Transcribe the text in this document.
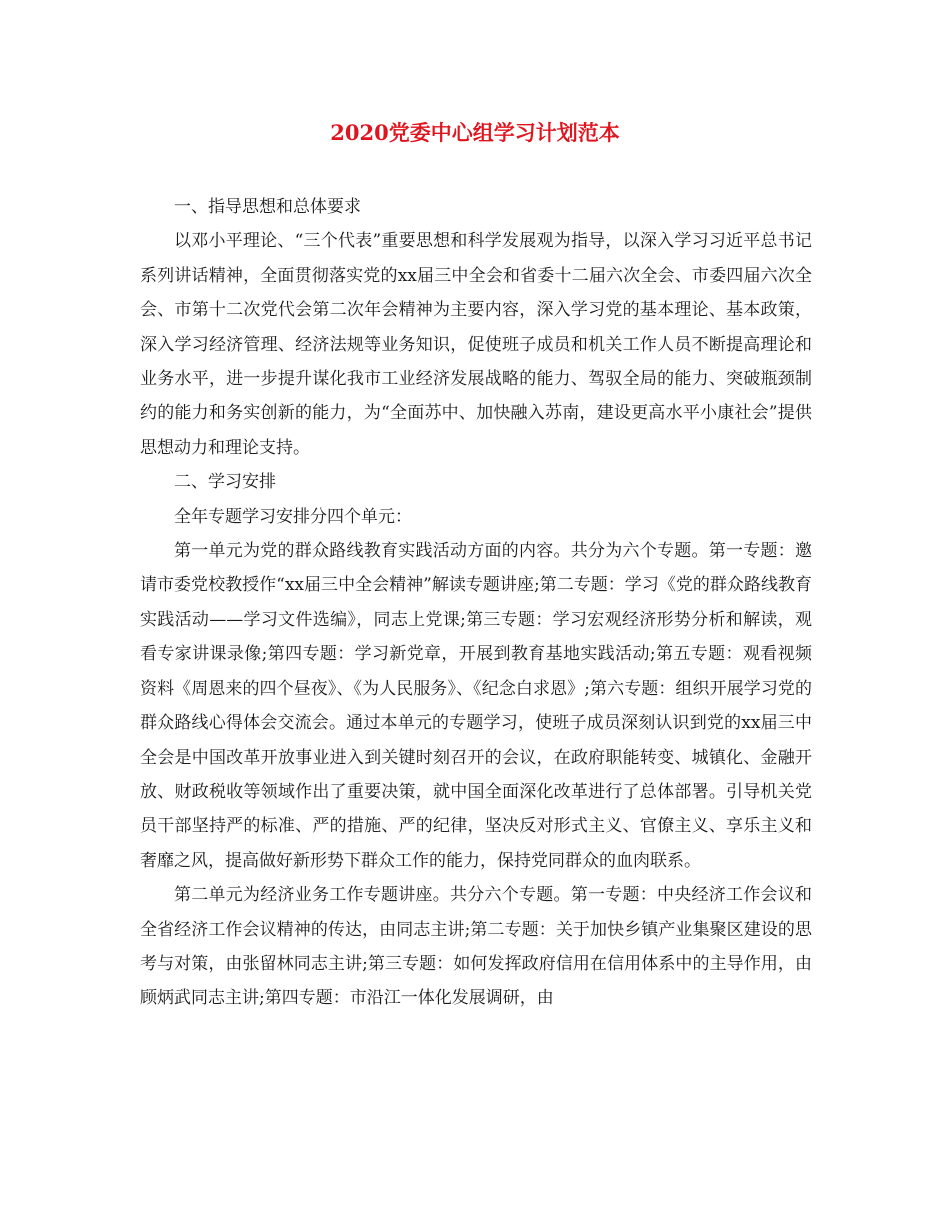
2020党委中心组学习计划范本

一、指导思想和总体要求

以邓小平理论、“三个代表”重要思想和科学发展观为指导，以深入学习习近平总书记系列讲话精神，全面贯彻落实党的xx届三中全会和省委十二届六次全会、市委四届六次全会、市第十二次党代会第二次年会精神为主要内容，深入学习党的基本理论、基本政策，深入学习经济管理、经济法规等业务知识，促使班子成员和机关工作人员不断提高理论和业务水平，进一步提升谋化我市工业经济发展战略的能力、驾驭全局的能力、突破瓶颈制约的能力和务实创新的能力，为“全面苏中、加快融入苏南，建设更高水平小康社会”提供思想动力和理论支持。

二、学习安排

全年专题学习安排分四个单元：

第一单元为党的群众路线教育实践活动方面的内容。共分为六个专题。第一专题：邀请市委党校教授作“xx届三中全会精神”解读专题讲座;第二专题：学习《党的群众路线教育实践活动——学习文件选编》，同志上党课;第三专题：学习宏观经济形势分析和解读，观看专家讲课录像;第四专题：学习新党章，开展到教育基地实践活动;第五专题：观看视频资料《周恩来的四个昼夜》、《为人民服务》、《纪念白求恩》;第六专题：组织开展学习党的群众路线心得体会交流会。通过本单元的专题学习，使班子成员深刻认识到党的xx届三中全会是中国改革开放事业进入到关键时刻召开的会议，在政府职能转变、城镇化、金融开放、财政税收等领域作出了重要决策，就中国全面深化改革进行了总体部署。引导机关党员干部坚持严的标准、严的措施、严的纪律，坚决反对形式主义、官僚主义、享乐主义和奢靡之风，提高做好新形势下群众工作的能力，保持党同群众的血肉联系。

第二单元为经济业务工作专题讲座。共分六个专题。第一专题：中央经济工作会议和全省经济工作会议精神的传达，由同志主讲;第二专题：关于加快乡镇产业集聚区建设的思考与对策，由张留林同志主讲;第三专题：如何发挥政府信用在信用体系中的主导作用，由顾炳武同志主讲;第四专题：市沿江一体化发展调研，由
